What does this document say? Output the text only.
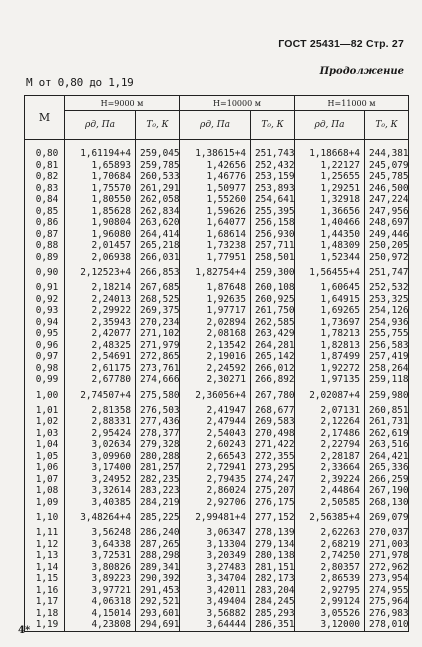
ГОСТ 25431—82 Стр. 27
Продолжение
M от 0,80 до 1,19
M	H=9000 м		H=10000 м		H=11000 м	
	ρд, Па	T₀, К	ρд, Па	T₀, К	ρд, Па	T₀, К
0,80	1,61194+4	259,045	1,38615+4	251,743	1,18668+4	244,381
0,81	1,65893	259,785	1,42656	252,432	1,22127	245,079
0,82	1,70684	260,533	1,46776	253,159	1,25655	245,785
0,83	1,75570	261,291	1,50977	253,893	1,29251	246,500
0,84	1,80550	262,058	1,55260	254,641	1,32918	247,224
0,85	1,85628	262,834	1,59626	255,395	1,36656	247,956
0,86	1,90804	263,620	1,64077	256,158	1,40466	248,697
0,87	1,96080	264,414	1,68614	256,930	1,44350	249,446
0,88	2,01457	265,218	1,73238	257,711	1,48309	250,205
0,89	2,06938	266,031	1,77951	258,501	1,52344	250,972
0,90	2,12523+4	266,853	1,82754+4	259,300	1,56455+4	251,747
0,91	2,18214	267,685	1,87648	260,108	1,60645	252,532
0,92	2,24013	268,525	1,92635	260,925	1,64915	253,325
0,93	2,29922	269,375	1,97717	261,750	1,69265	254,126
0,94	2,35943	270,234	2,02894	262,585	1,73697	254,936
0,95	2,42077	271,102	2,08168	263,429	1,78213	255,755
0,96	2,48325	271,979	2,13542	264,281	1,82813	256,583
0,97	2,54691	272,865	2,19016	265,142	1,87499	257,419
0,98	2,61175	273,761	2,24592	266,012	1,92272	258,264
0,99	2,67780	274,666	2,30271	266,892	1,97135	259,118
1,00	2,74507+4	275,580	2,36056+4	267,780	2,02087+4	259,980
1,01	2,81358	276,503	2,41947	268,677	2,07131	260,851
1,02	2,88331	277,436	2,47944	269,583	2,12264	261,731
1,03	2,95424	278,377	2,54043	270,498	2,17486	262,619
1,04	3,02634	279,328	2,60243	271,422	2,22794	263,516
1,05	3,09960	280,288	2,66543	272,355	2,28187	264,421
1,06	3,17400	281,257	2,72941	273,295	2,33664	265,336
1,07	3,24952	282,235	2,79435	274,247	2,39224	266,259
1,08	3,32614	283,223	2,86024	275,207	2,44864	267,190
1,09	3,40385	284,219	2,92706	276,175	2,50585	268,130
1,10	3,48264+4	285,225	2,99481+4	277,152	2,56385+4	269,079
1,11	3,56248	286,240	3,06347	278,139	2,62263	270,037
1,12	3,64338	287,265	3,13304	279,134	2,68219	271,003
1,13	3,72531	288,298	3,20349	280,138	2,74250	271,978
1,14	3,80826	289,341	3,27483	281,151	2,80357	272,962
1,15	3,89223	290,392	3,34704	282,173	2,86539	273,954
1,16	3,97721	291,453	3,42011	283,204	2,92795	274,955
1,17	4,06318	292,521	3,49404	284,245	2,99124	275,964
1,18	4,15014	293,601	3,56882	285,293	3,05526	276,983
1,19	4,23808	294,691	3,64444	286,351	3,12000	278,010
4*
